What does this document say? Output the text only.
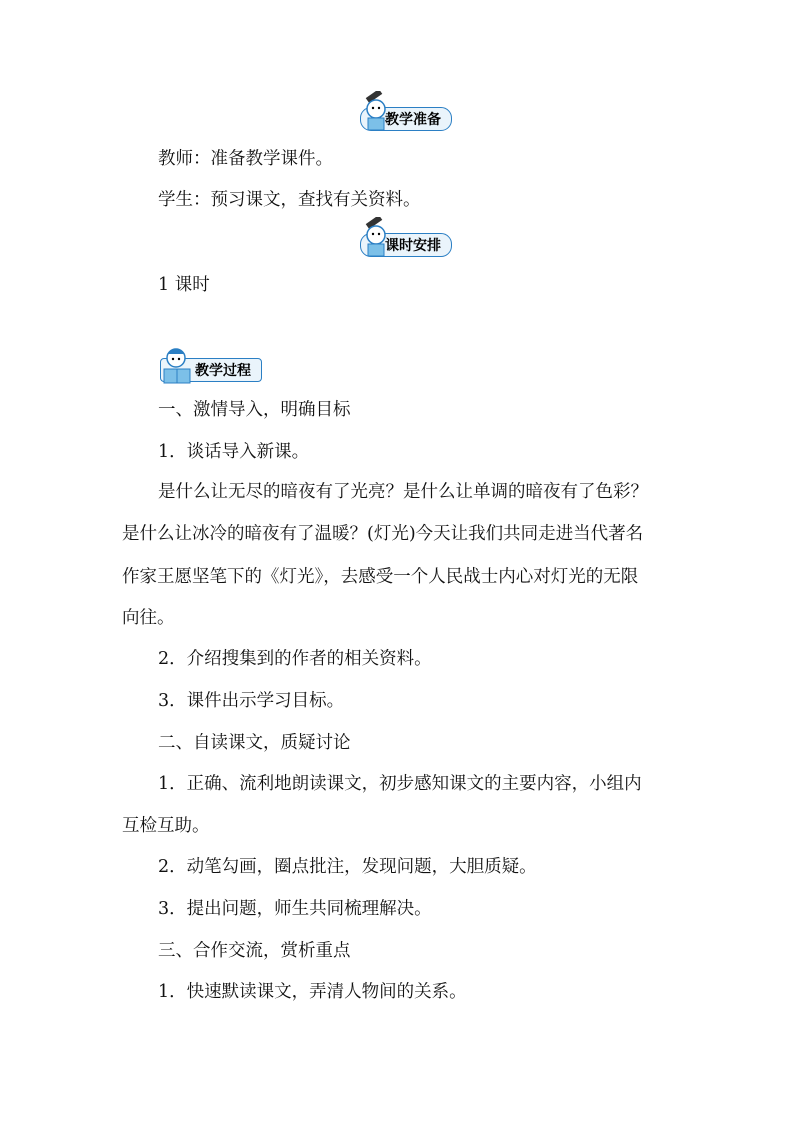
教学准备
教师：准备教学课件。
学生：预习课文，查找有关资料。
课时安排
1 课时
教学过程
一、激情导入，明确目标
1．谈话导入新课。
是什么让无尽的暗夜有了光亮？是什么让单调的暗夜有了色彩？
是什么让冰冷的暗夜有了温暖？(灯光)今天让我们共同走进当代著名
作家王愿坚笔下的《灯光》，去感受一个人民战士内心对灯光的无限
向往。
2．介绍搜集到的作者的相关资料。
3．课件出示学习目标。
二、自读课文，质疑讨论
1．正确、流利地朗读课文，初步感知课文的主要内容，小组内
互检互助。
2．动笔勾画，圈点批注，发现问题，大胆质疑。
3．提出问题，师生共同梳理解决。
三、合作交流，赏析重点
1．快速默读课文，弄清人物间的关系。
